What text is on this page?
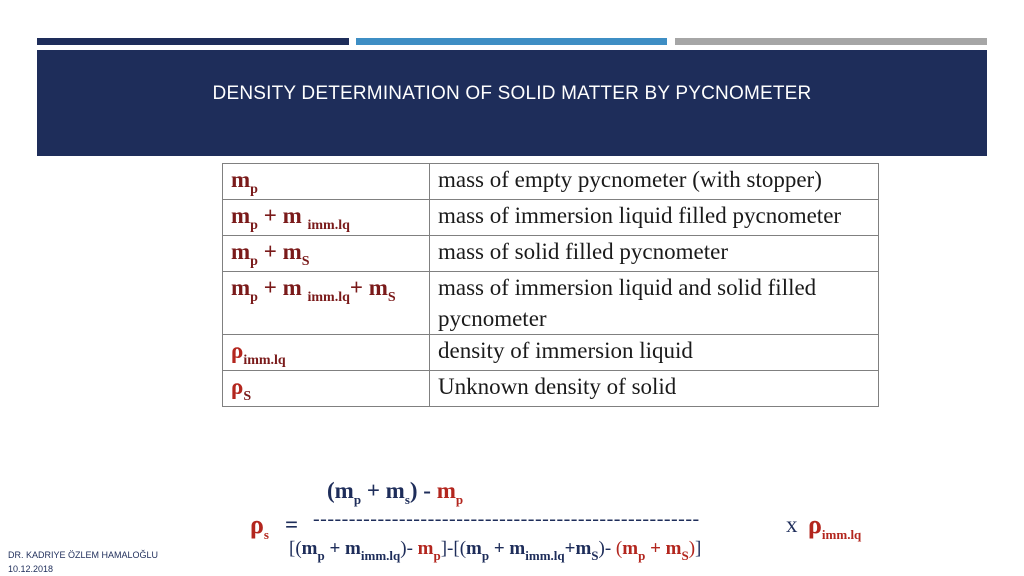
DENSITY DETERMINATION OF SOLID MATTER BY PYCNOMETER
$m_p$	mass of empty pycnometer (with stopper)
$m_p + m$ $_{imm.lq}$	mass of immersion liquid filled pycnometer
$m_p + m_S$	mass of solid filled pycnometer
$m_p + m$ $_{imm.lq}+ m_S$	mass of immersion liquid and solid filled pycnometer
$\rho_{imm.lq}$	density of immersion liquid
$\rho_S$	Unknown density of solid
$(m_p + m_s) - m_p$
$\rho_s$ = ------------------------------------------------------	x $\rho_{imm.lq}$
[$(m_p + m_{imm.lq})-$ $m_p]-[(m_p + m_{imm.lq}+m_S)-$ $(m_p + m_S)$]
DR. KADRIYE ÖZLEM HAMALOĞLU
10.12.2018
